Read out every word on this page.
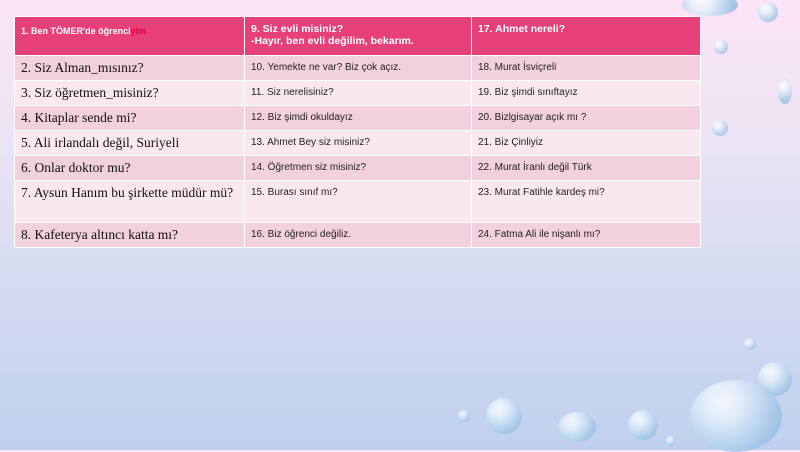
1. Ben TÖMER'de öğrenciyim	9. Siz evli misiniz?
-Hayır, ben evli değilim, bekarım.	17. Ahmet nereli?

2. Siz Alman_mısınız?	10. Yemekte ne var? Biz çok açız.	18. Murat İsviçreli

3. Siz öğretmen_misiniz?	11. Siz nerelisiniz?	19. Biz şimdi sınıftayız

4. Kitaplar sende mi?	12. Biz şimdi okuldayız	20. Bizlgisayar açık mı ?

5. Ali irlandalı değil, Suriyeli	13. Ahmet Bey siz misiniz?	21. Biz Çinliyiz

6. Onlar doktor mu?	14. Öğretmen siz misiniz?	22. Murat İranlı değil Türk

7. Aysun Hanım bu şirkette müdür mü?	15. Burası sınıf mı?	23. Murat Fatihle kardeş mi?

8. Kafeterya altıncı katta mı?	16. Biz öğrenci değiliz.	24. Fatma Ali ile nişanlı mı?
